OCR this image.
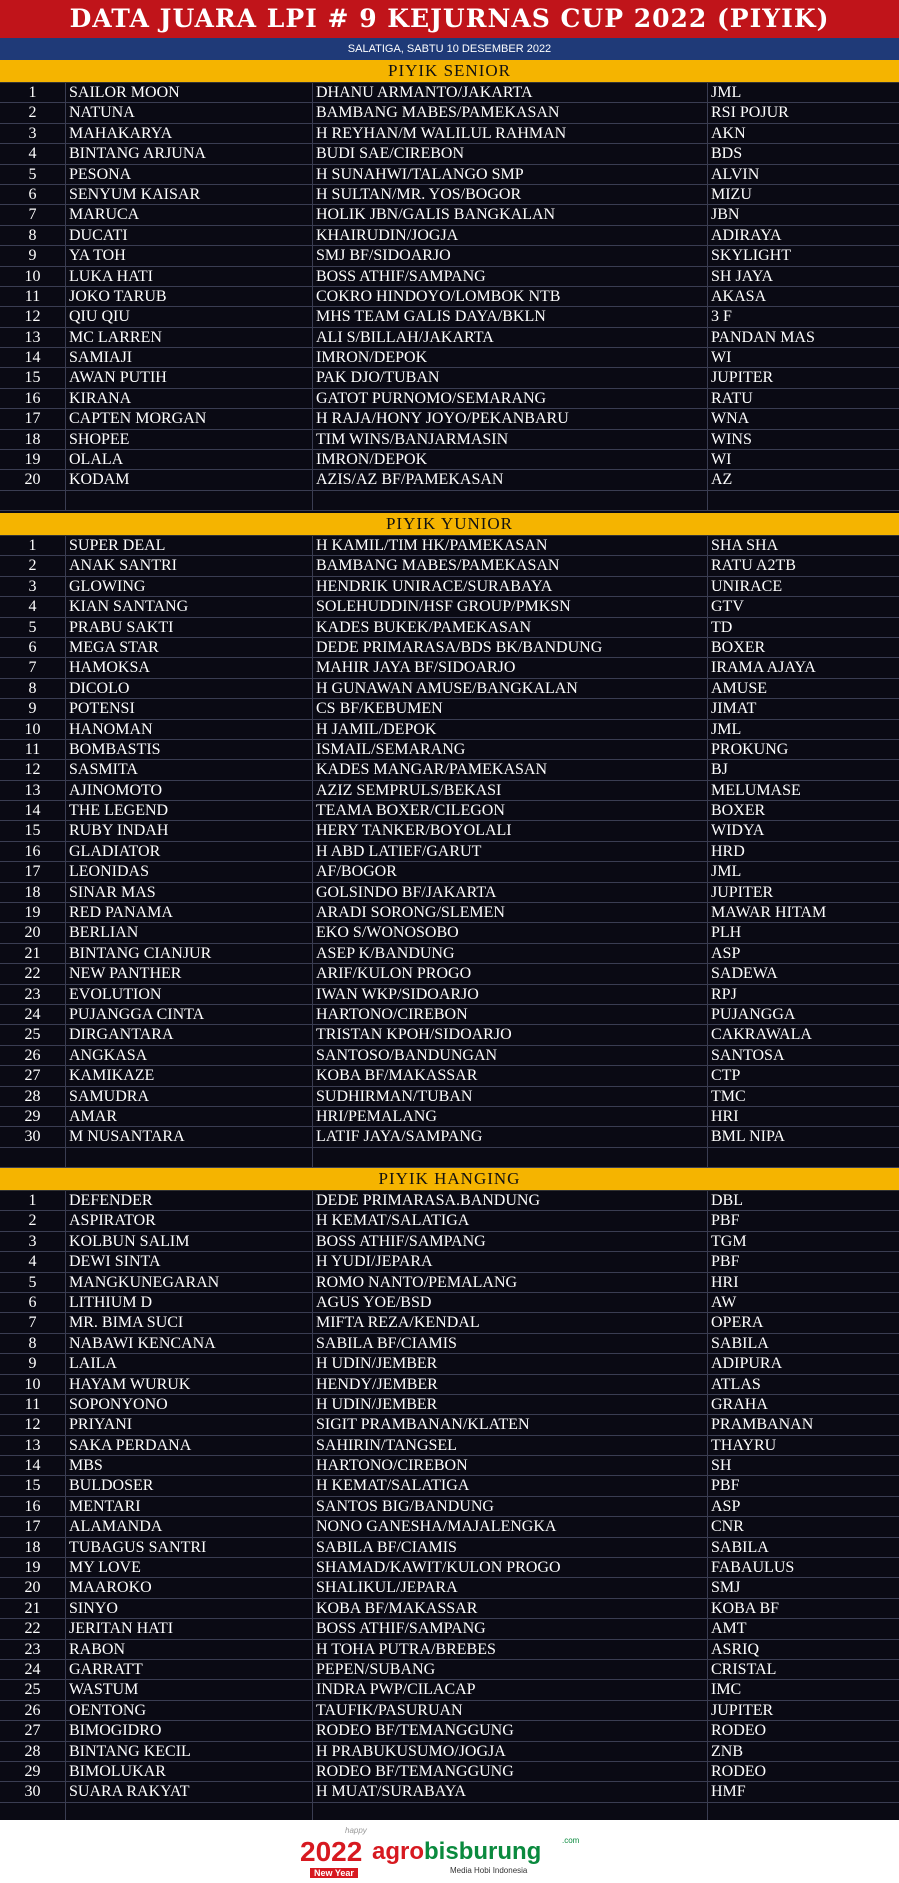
DATA JUARA LPI # 9 KEJURNAS CUP 2022 (PIYIK)
SALATIGA, SABTU 10 DESEMBER 2022
PIYIK SENIOR
1	SAILOR MOON	DHANU ARMANTO/JAKARTA	JML
2	NATUNA	BAMBANG MABES/PAMEKASAN	RSI POJUR
3	MAHAKARYA	H REYHAN/M WALILUL RAHMAN	AKN
4	BINTANG ARJUNA	BUDI SAE/CIREBON	BDS
5	PESONA	H SUNAHWI/TALANGO SMP	ALVIN
6	SENYUM KAISAR	H SULTAN/MR. YOS/BOGOR	MIZU
7	MARUCA	HOLIK JBN/GALIS BANGKALAN	JBN
8	DUCATI	KHAIRUDIN/JOGJA	ADIRAYA
9	YA TOH	SMJ BF/SIDOARJO	SKYLIGHT
10	LUKA HATI	BOSS ATHIF/SAMPANG	SH JAYA
11	JOKO TARUB	COKRO HINDOYO/LOMBOK NTB	AKASA
12	QIU QIU	MHS TEAM GALIS DAYA/BKLN	3 F
13	MC LARREN	ALI S/BILLAH/JAKARTA	PANDAN MAS
14	SAMIAJI	IMRON/DEPOK	WI
15	AWAN PUTIH	PAK DJO/TUBAN	JUPITER
16	KIRANA	GATOT PURNOMO/SEMARANG	RATU
17	CAPTEN MORGAN	H RAJA/HONY JOYO/PEKANBARU	WNA
18	SHOPEE	TIM WINS/BANJARMASIN	WINS
19	OLALA	IMRON/DEPOK	WI
20	KODAM	AZIS/AZ BF/PAMEKASAN	AZ
PIYIK YUNIOR
1	SUPER DEAL	H KAMIL/TIM HK/PAMEKASAN	SHA SHA
2	ANAK SANTRI	BAMBANG MABES/PAMEKASAN	RATU A2TB
3	GLOWING	HENDRIK UNIRACE/SURABAYA	UNIRACE
4	KIAN SANTANG	SOLEHUDDIN/HSF GROUP/PMKSN	GTV
5	PRABU SAKTI	KADES BUKEK/PAMEKASAN	TD
6	MEGA STAR	DEDE PRIMARASA/BDS BK/BANDUNG	BOXER
7	HAMOKSA	MAHIR JAYA BF/SIDOARJO	IRAMA AJAYA
8	DICOLO	H GUNAWAN AMUSE/BANGKALAN	AMUSE
9	POTENSI	CS BF/KEBUMEN	JIMAT
10	HANOMAN	H JAMIL/DEPOK	JML
11	BOMBASTIS	ISMAIL/SEMARANG	PROKUNG
12	SASMITA	KADES MANGAR/PAMEKASAN	BJ
13	AJINOMOTO	AZIZ SEMPRULS/BEKASI	MELUMASE
14	THE LEGEND	TEAMA BOXER/CILEGON	BOXER
15	RUBY INDAH	HERY TANKER/BOYOLALI	WIDYA
16	GLADIATOR	H ABD LATIEF/GARUT	HRD
17	LEONIDAS	AF/BOGOR	JML
18	SINAR MAS	GOLSINDO BF/JAKARTA	JUPITER
19	RED PANAMA	ARADI SORONG/SLEMEN	MAWAR HITAM
20	BERLIAN	EKO S/WONOSOBO	PLH
21	BINTANG CIANJUR	ASEP K/BANDUNG	ASP
22	NEW PANTHER	ARIF/KULON PROGO	SADEWA
23	EVOLUTION	IWAN WKP/SIDOARJO	RPJ
24	PUJANGGA CINTA	HARTONO/CIREBON	PUJANGGA
25	DIRGANTARA	TRISTAN KPOH/SIDOARJO	CAKRAWALA
26	ANGKASA	SANTOSO/BANDUNGAN	SANTOSA
27	KAMIKAZE	KOBA BF/MAKASSAR	CTP
28	SAMUDRA	SUDHIRMAN/TUBAN	TMC
29	AMAR	HRI/PEMALANG	HRI
30	M NUSANTARA	LATIF JAYA/SAMPANG	BML NIPA
PIYIK HANGING
1	DEFENDER	DEDE PRIMARASA.BANDUNG	DBL
2	ASPIRATOR	H KEMAT/SALATIGA	PBF
3	KOLBUN SALIM	BOSS ATHIF/SAMPANG	TGM
4	DEWI SINTA	H YUDI/JEPARA	PBF
5	MANGKUNEGARAN	ROMO NANTO/PEMALANG	HRI
6	LITHIUM D	AGUS YOE/BSD	AW
7	MR. BIMA SUCI	MIFTA REZA/KENDAL	OPERA
8	NABAWI KENCANA	SABILA BF/CIAMIS	SABILA
9	LAILA	H UDIN/JEMBER	ADIPURA
10	HAYAM WURUK	HENDY/JEMBER	ATLAS
11	SOPONYONO	H UDIN/JEMBER	GRAHA
12	PRIYANI	SIGIT PRAMBANAN/KLATEN	PRAMBANAN
13	SAKA PERDANA	SAHIRIN/TANGSEL	THAYRU
14	MBS	HARTONO/CIREBON	SH
15	BULDOSER	H KEMAT/SALATIGA	PBF
16	MENTARI	SANTOS BIG/BANDUNG	ASP
17	ALAMANDA	NONO GANESHA/MAJALENGKA	CNR
18	TUBAGUS SANTRI	SABILA BF/CIAMIS	SABILA
19	MY LOVE	SHAMAD/KAWIT/KULON PROGO	FABAULUS
20	MAAROKO	SHALIKUL/JEPARA	SMJ
21	SINYO	KOBA BF/MAKASSAR	KOBA BF
22	JERITAN HATI	BOSS ATHIF/SAMPANG	AMT
23	RABON	H TOHA PUTRA/BREBES	ASRIQ
24	GARRATT	PEPEN/SUBANG	CRISTAL
25	WASTUM	INDRA PWP/CILACAP	IMC
26	OENTONG	TAUFIK/PASURUAN	JUPITER
27	BIMOGIDRO	RODEO BF/TEMANGGUNG	RODEO
28	BINTANG KECIL	H PRABUKUSUMO/JOGJA	ZNB
29	BIMOLUKAR	RODEO BF/TEMANGGUNG	RODEO
30	SUARA RAKYAT	H MUAT/SURABAYA	HMF
happy
2022 agrobisburung	.com
Media Hobi Indonesia
New Year
